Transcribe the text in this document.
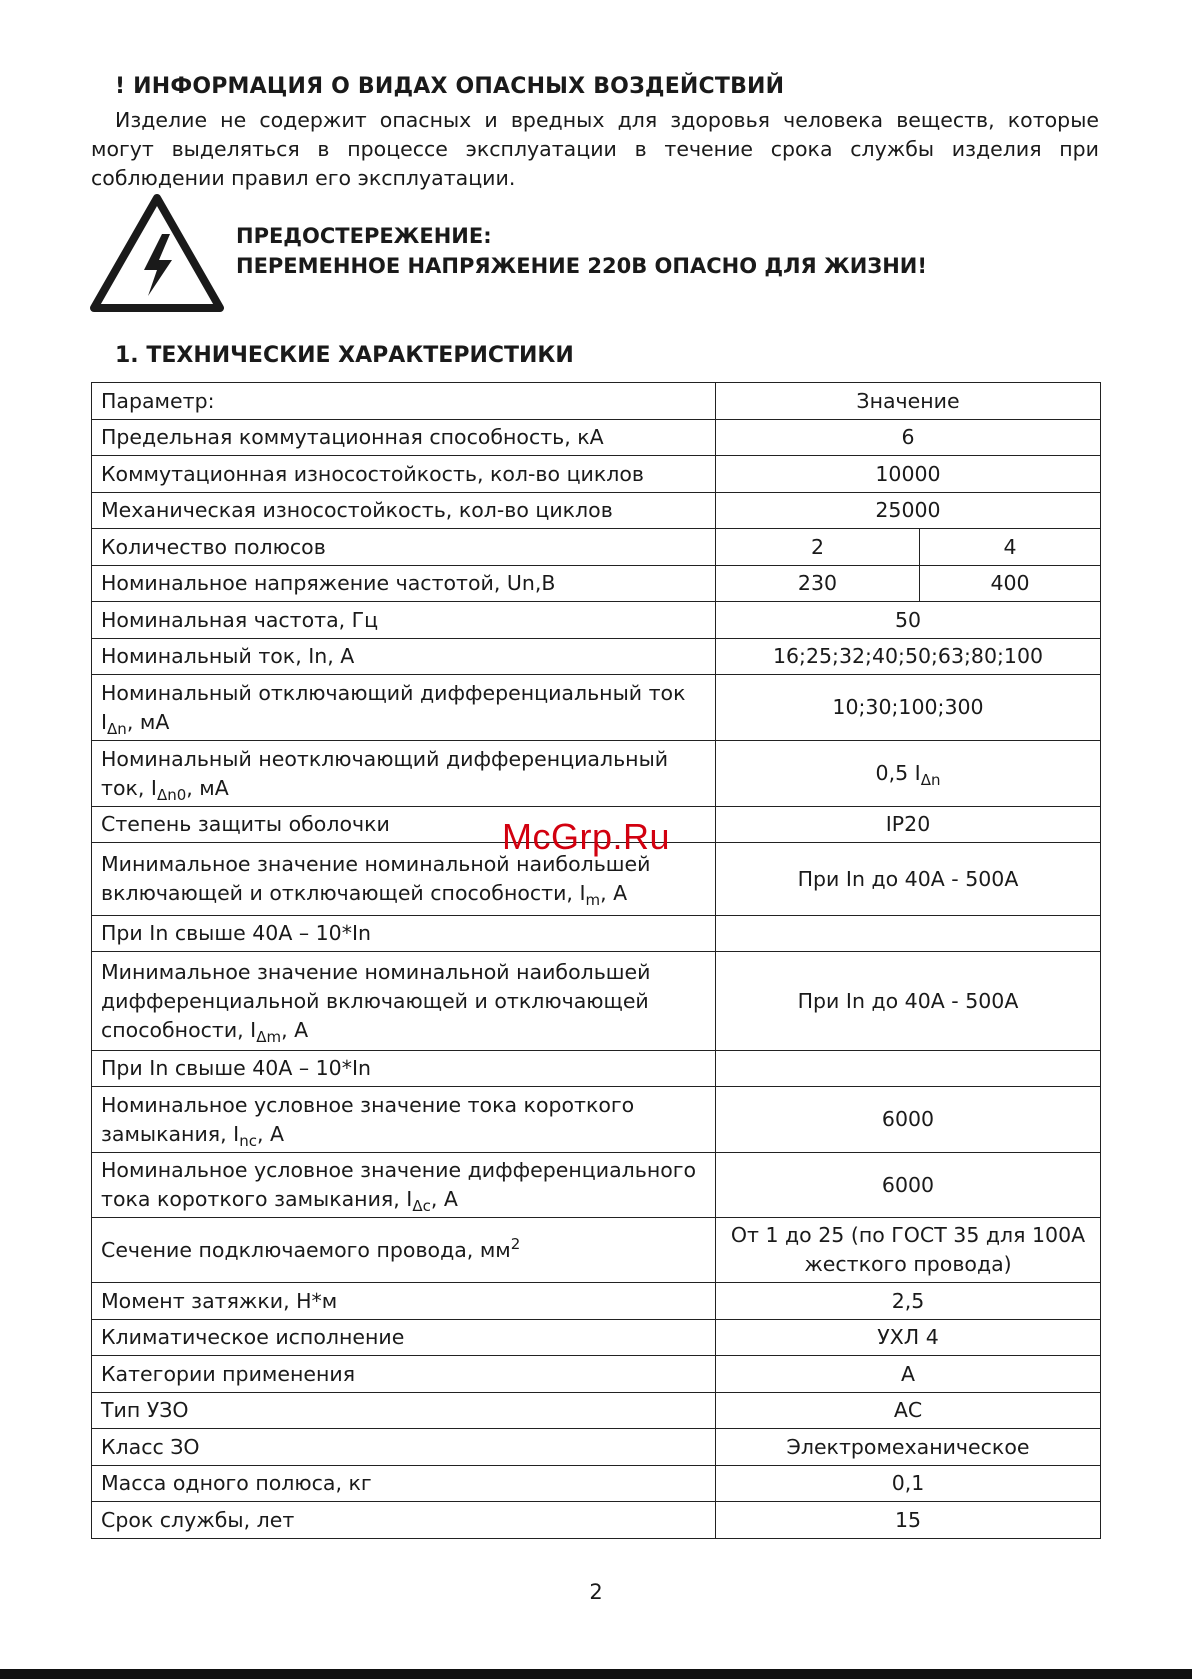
! ИНФОРМАЦИЯ О ВИДАХ ОПАСНЫХ ВОЗДЕЙСТВИЙ
Изделие не содержит опасных и вредных для здоровья человека веществ, которые могут выделяться в процессе эксплуатации в течение срока службы изделия при соблюдении правил его эксплуатации.
ПРЕДОСТЕРЕЖЕНИЕ:
ПЕРЕМЕННОЕ НАПРЯЖЕНИЕ 220В ОПАСНО ДЛЯ ЖИЗНИ!
1. ТЕХНИЧЕСКИЕ ХАРАКТЕРИСТИКИ
Параметр:	Значение	
Предельная коммутационная способность, кА	6	
Коммутационная износостойкость, кол-во циклов	10000	
Механическая износостойкость, кол-во циклов	25000	
Количество полюсов	2	4
Номинальное напряжение частотой, Un,В	230	400
Номинальная частота, Гц	50	
Номинальный ток, In, А	16;25;32;40;50;63;80;100	
Номинальный отключающий дифференциальный ток $I_{\Delta n}$, мА	10;30;100;300	
Номинальный неотключающий дифференциальный ток, $I_{\Delta n0}$, мА	0,5 $I_{\Delta n}$
Степень защиты оболочки	IP20	
Минимальное значение номинальной наибольшей включающей и отключающей способности, $I_m$, А	При In до 40А - 500А	
При In свыше 40А – 10*In		
Минимальное значение номинальной наибольшей дифференциальной включающей и отключающей способности, $I_{\Delta m}$, А	При In до 40А - 500А	
При In свыше 40А – 10*In		
Номинальное условное значение тока короткого замыкания, $I_{nc}$, А	6000	
Номинальное условное значение дифференциального тока короткого замыкания, $I_{\Delta c}$, А	6000	
Сечение подключаемого провода, $мм^2$	От 1 до 25 (по ГОСТ 35 для 100А жесткого провода)	
Момент затяжки, Н*м	2,5	
Климатическое исполнение	УХЛ 4	
Категории применения	А	
Тип УЗО	АС	
Класс ЗО	Электромеханическое	
Масса одного полюса, кг	0,1	
Срок службы, лет	15	
McGrp.Ru
2
